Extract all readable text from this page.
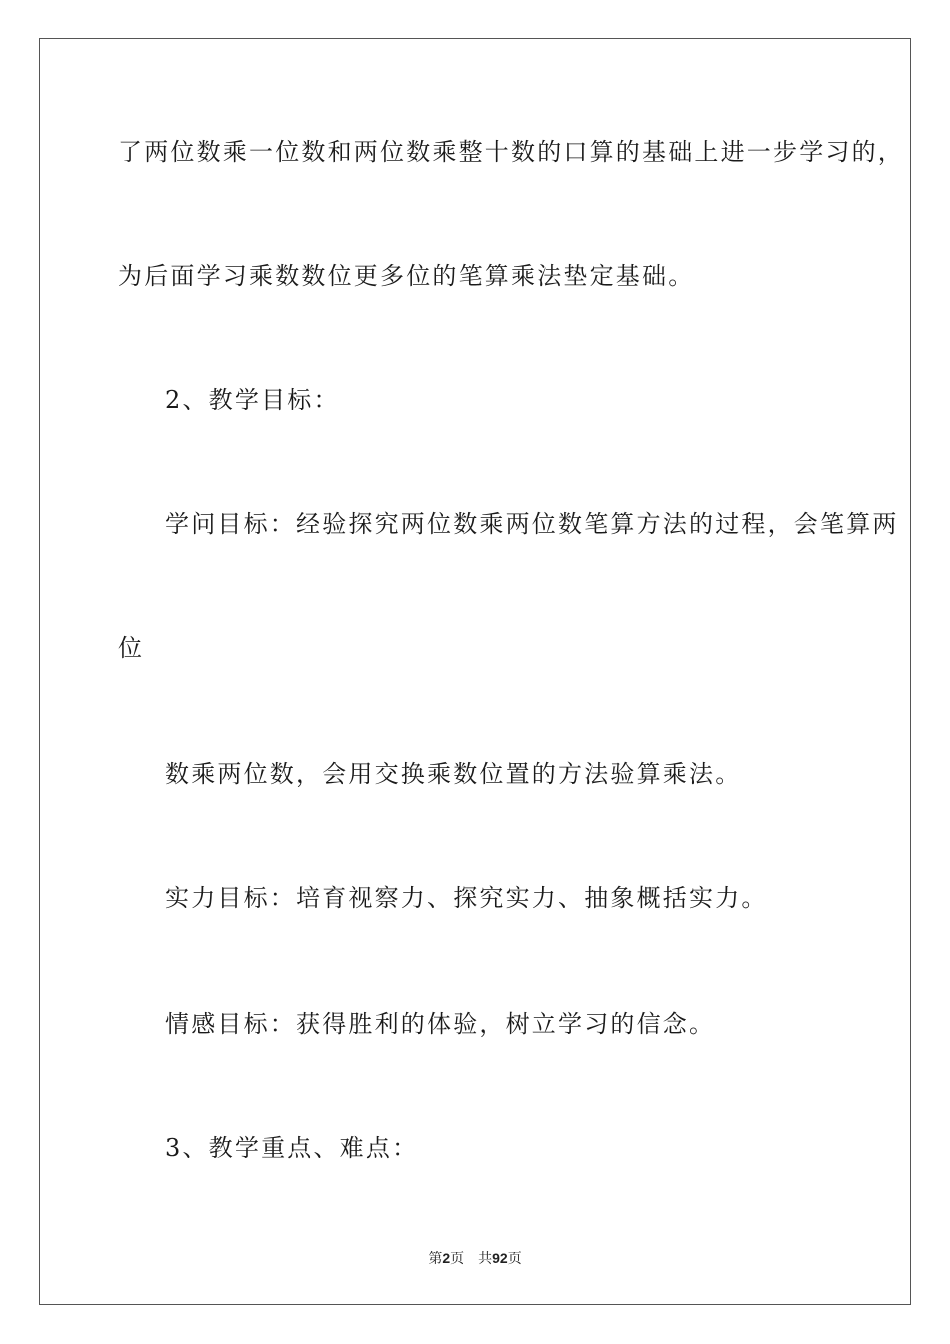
了两位数乘一位数和两位数乘整十数的口算的基础上进一步学习的，
为后面学习乘数数位更多位的笔算乘法垫定基础。
2、教学目标：
学问目标：经验探究两位数乘两位数笔算方法的过程，会笔算两
位
数乘两位数，会用交换乘数位置的方法验算乘法。
实力目标：培育视察力、探究实力、抽象概括实力。
情感目标：获得胜利的体验，树立学习的信念。
3、教学重点、难点：
第2页 共92页
